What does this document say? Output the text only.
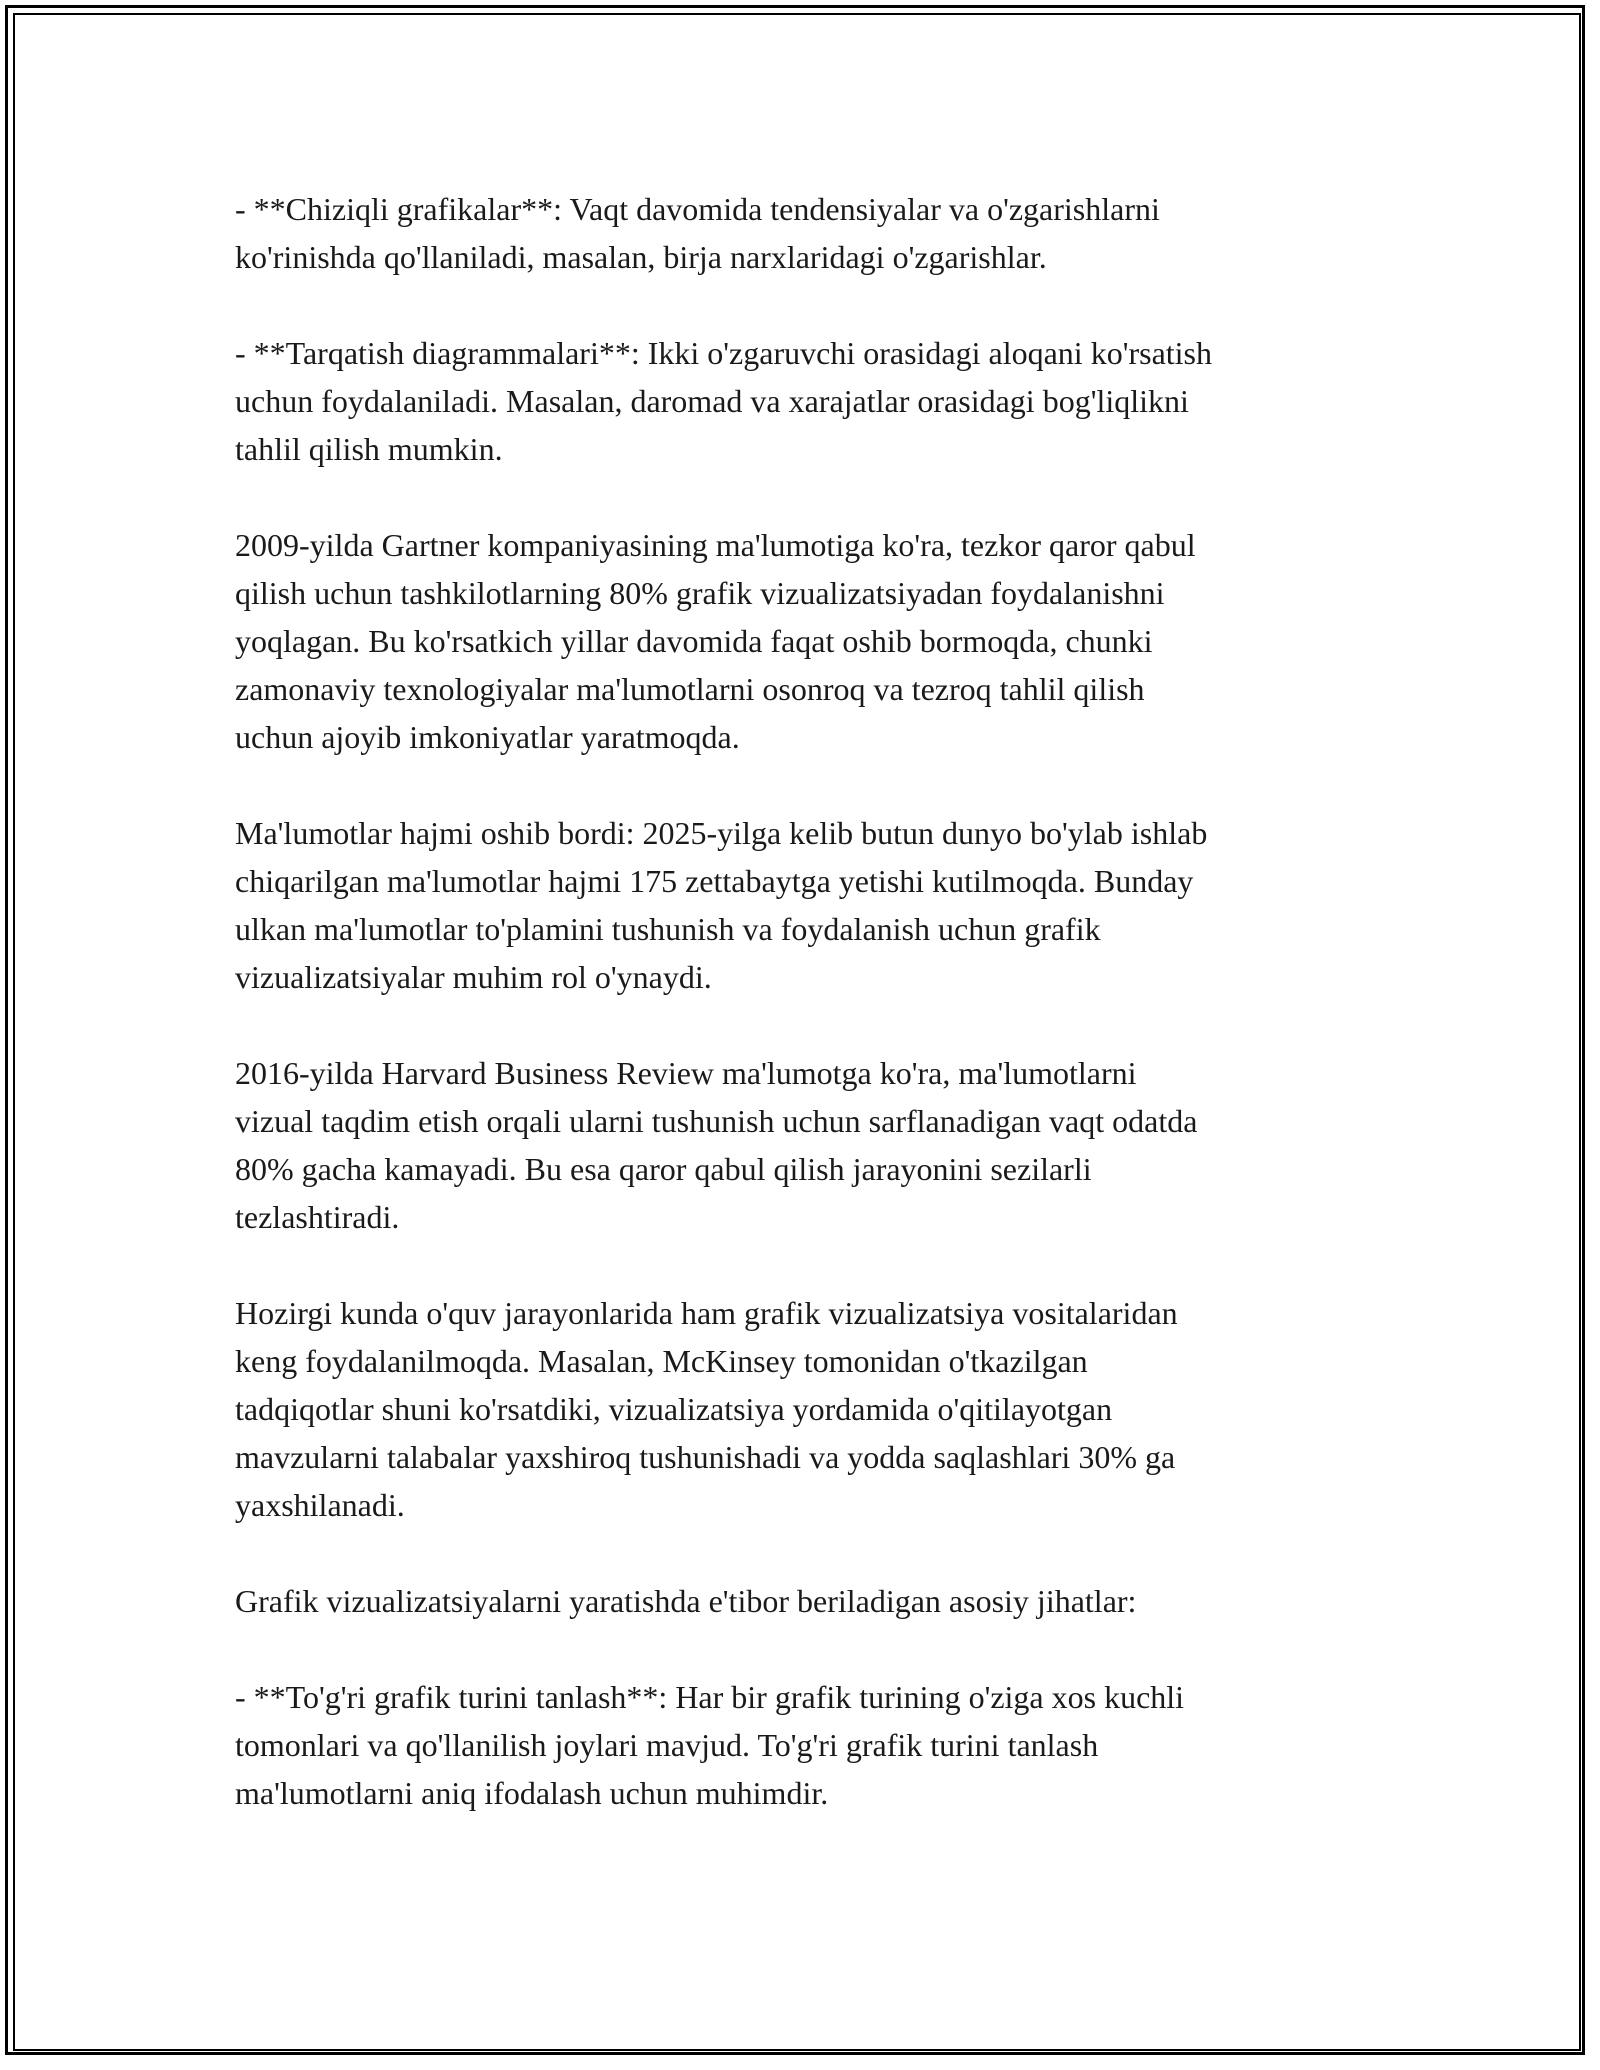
- **Chiziqli grafikalar**: Vaqt davomida tendensiyalar va o'zgarishlarni
ko'rinishda qo'llaniladi, masalan, birja narxlaridagi o'zgarishlar.

- **Tarqatish diagrammalari**: Ikki o'zgaruvchi orasidagi aloqani ko'rsatish
uchun foydalaniladi. Masalan, daromad va xarajatlar orasidagi bog'liqlikni
tahlil qilish mumkin.

2009-yilda Gartner kompaniyasining ma'lumotiga ko'ra, tezkor qaror qabul
qilish uchun tashkilotlarning 80% grafik vizualizatsiyadan foydalanishni
yoqlagan. Bu ko'rsatkich yillar davomida faqat oshib bormoqda, chunki
zamonaviy texnologiyalar ma'lumotlarni osonroq va tezroq tahlil qilish
uchun ajoyib imkoniyatlar yaratmoqda.

Ma'lumotlar hajmi oshib bordi: 2025-yilga kelib butun dunyo bo'ylab ishlab
chiqarilgan ma'lumotlar hajmi 175 zettabaytga yetishi kutilmoqda. Bunday
ulkan ma'lumotlar to'plamini tushunish va foydalanish uchun grafik
vizualizatsiyalar muhim rol o'ynaydi.

2016-yilda Harvard Business Review ma'lumotga ko'ra, ma'lumotlarni
vizual taqdim etish orqali ularni tushunish uchun sarflanadigan vaqt odatda
80% gacha kamayadi. Bu esa qaror qabul qilish jarayonini sezilarli
tezlashtiradi.

Hozirgi kunda o'quv jarayonlarida ham grafik vizualizatsiya vositalaridan
keng foydalanilmoqda. Masalan, McKinsey tomonidan o'tkazilgan
tadqiqotlar shuni ko'rsatdiki, vizualizatsiya yordamida o'qitilayotgan
mavzularni talabalar yaxshiroq tushunishadi va yodda saqlashlari 30% ga
yaxshilanadi.

Grafik vizualizatsiyalarni yaratishda e'tibor beriladigan asosiy jihatlar:

- **To'g'ri grafik turini tanlash**: Har bir grafik turining o'ziga xos kuchli
tomonlari va qo'llanilish joylari mavjud. To'g'ri grafik turini tanlash
ma'lumotlarni aniq ifodalash uchun muhimdir.
